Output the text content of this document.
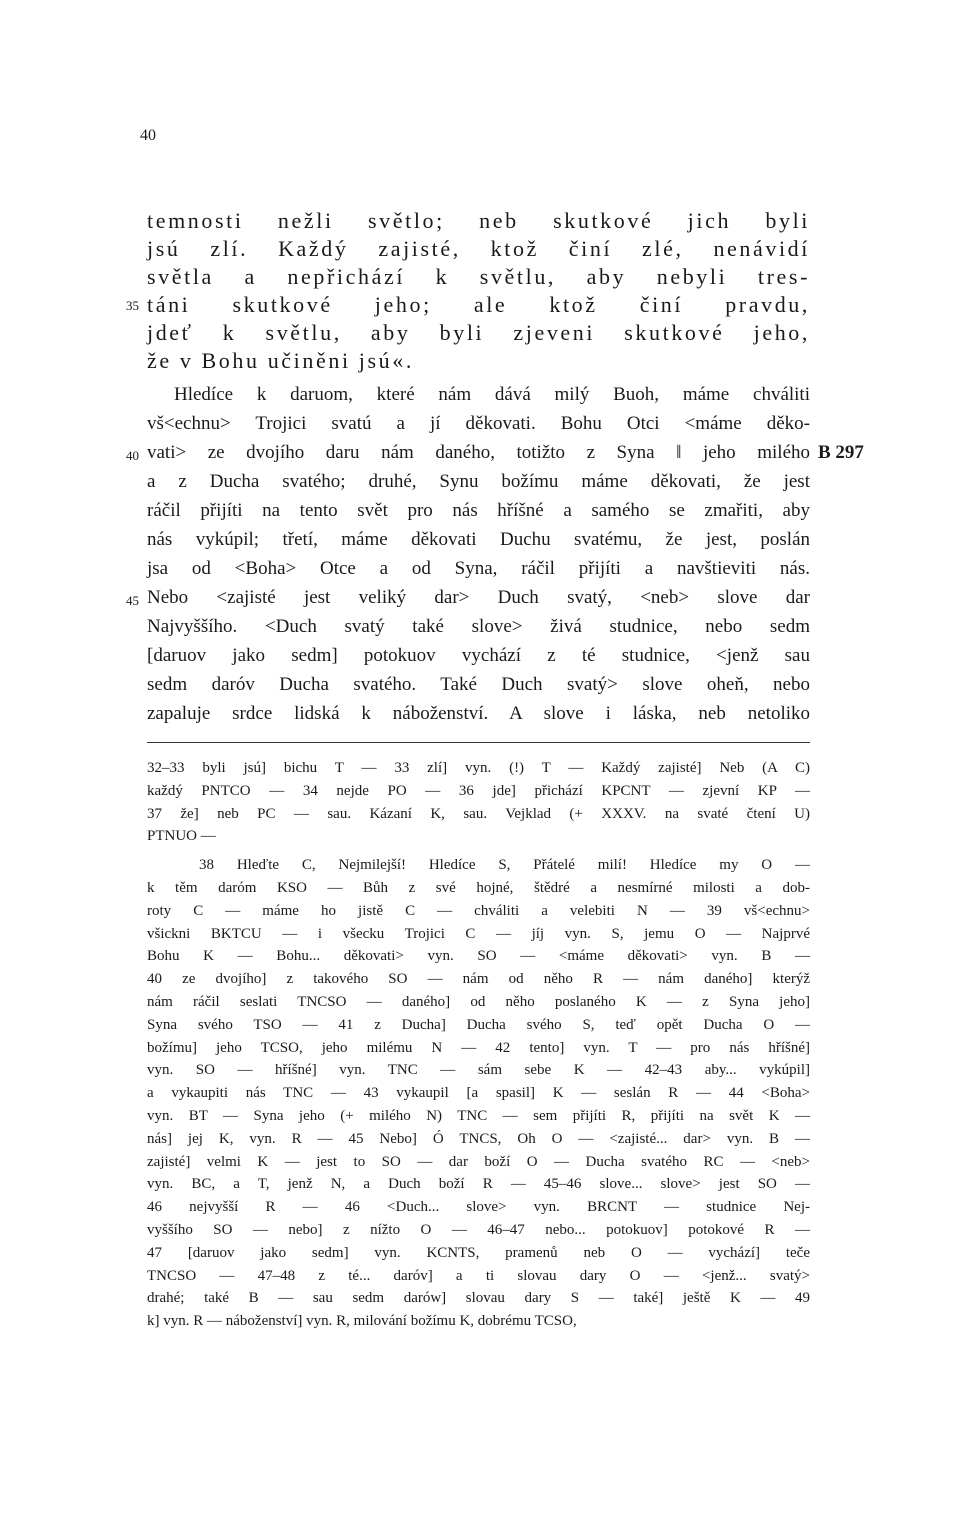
40
temnosti nežli světlo; neb skutkové jich byli
jsú zlí. Každý zajisté, ktož činí zlé, nenávidí
světla a nepřichází k světlu, aby nebyli tres-
táni skutkové jeho; ale ktož činí pravdu,
jdeť k světlu, aby byli zjeveni skutkové jeho,
že v Bohu učiněni jsú«.
Hledíce k daruom, které nám dává milý Buoh, máme chváliti
vš<echnu> Trojici svatú a jí děkovati. Bohu Otci <máme děko-
vati> ze dvojího daru nám daného, totižto z Syna ‖ jeho milého
a z Ducha svatého; druhé, Synu božímu máme děkovati, že jest
ráčil přijíti na tento svět pro nás hříšné a samého se zmařiti, aby
nás vykúpil; třetí, máme děkovati Duchu svatému, že jest, poslán
jsa od <Boha> Otce a od Syna, ráčil přijíti a navštieviti nás.
Nebo <zajisté jest veliký dar> Duch svatý, <neb> slove dar
Najvyššího. <Duch svatý také slove> živá studnice, nebo sedm
[daruov jako sedm] potokuov vychází z té studnice, <jenž sau
sedm daróv Ducha svatého. Také Duch svatý> slove oheň, nebo
zapaluje srdce lidská k náboženství. A slove i láska, neb netoliko
35
40
45
B 297
32–33 byli jsú] bichu T — 33 zlí] vyn. (!) T — Každý zajisté] Neb (A C)
každý PNTCO — 34 nejde PO — 36 jde] přichází KPCNT — zjevní KP —
37 že] neb PC — sau. Kázaní K, sau. Vejklad (+ XXXV. na svaté čtení U)
PTNUO —
38 Hleďte C, Nejmilejší! Hledíce S, Přátelé milí! Hledíce my O —
k těm daróm KSO — Bůh z své hojné, štědré a nesmírné milosti a dob-
roty C — máme ho jistě C — chváliti a velebiti N — 39 vš<echnu>
všickni BKTCU — i všecku Trojici C — jíj vyn. S, jemu O — Najprvé
Bohu K — Bohu... děkovati> vyn. SO — <máme děkovati> vyn. B —
40 ze dvojího] z takového SO — nám od něho R — nám daného] kterýž
nám ráčil seslati TNCSO — daného] od něho poslaného K — z Syna jeho]
Syna svého TSO — 41 z Ducha] Ducha svého S, teď opět Ducha O —
božímu] jeho TCSO, jeho milému N — 42 tento] vyn. T — pro nás hříšné]
vyn. SO — hříšné] vyn. TNC — sám sebe K — 42–43 aby... vykúpil]
a vykaupiti nás TNC — 43 vykaupil [a spasil] K — seslán R — 44 <Boha>
vyn. BT — Syna jeho (+ milého N) TNC — sem přijíti R, přijíti na svět K —
nás] jej K, vyn. R — 45 Nebo] Ó TNCS, Oh O — <zajisté... dar> vyn. B —
zajisté] velmi K — jest to SO — dar boží O — Ducha svatého RC — <neb>
vyn. BC, a T, jenž N, a Duch boží R — 45–46 slove... slove> jest SO —
46 nejvyšší R — 46 <Duch... slove> vyn. BRCNT — studnice Nej-
vyššího SO — nebo] z nížto O — 46–47 nebo... potokuov] potokové R —
47 [daruov jako sedm] vyn. KCNTS, pramenů neb O — vychází] teče
TNCSO — 47–48 z té... daróv] a ti slovau dary O — <jenž... svatý>
drahé; také B — sau sedm darów] slovau dary S — také] ještě K — 49
k] vyn. R — náboženství] vyn. R, milování božímu K, dobrému TCSO,
